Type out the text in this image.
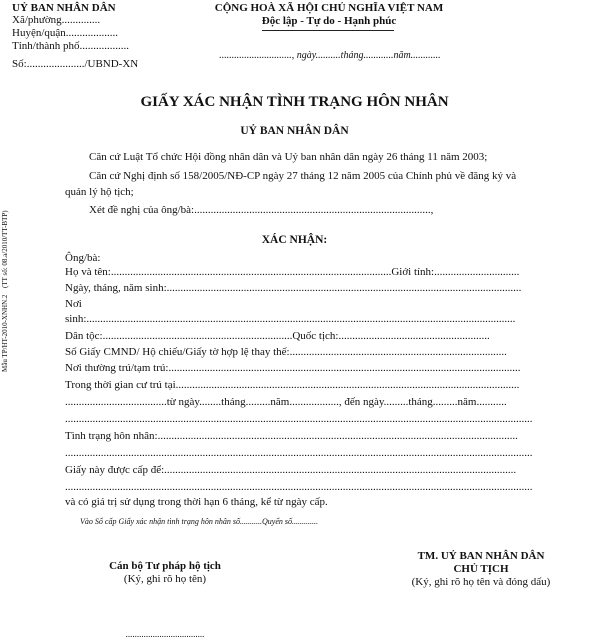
UỶ BAN NHÂN DÂN
Xã/phường..............
Huyện/quận...................
Tỉnh/thành phố..................
Số:...................../UBND-XN
CỘNG HOÀ XÃ HỘI CHỦ NGHĨA VIỆT NAM
Độc lập - Tự do - Hạnh phúc
............................., ngày..........tháng............năm............
(TT số: 08.a/2010/TT-BTP)
Mẫu TP/HT-2010-XNHN.2
GIẤY XÁC NHẬN TÌNH TRẠNG HÔN NHÂN
UỶ BAN NHÂN DÂN
Căn cứ Luật Tổ chức Hội đồng nhân dân và Uỷ ban nhân dân ngày 26 tháng 11 năm 2003;
Căn cứ Nghị định số 158/2005/NĐ-CP ngày 27 tháng 12 năm 2005 của Chính phủ về đăng ký và
quản lý hộ tịch;
Xét đề nghị của ông/bà:......................................................................................,
XÁC NHẬN:
Ông/bà:
Họ và tên:......................................................................................................Giới tính:...............................
Ngày, tháng, năm sinh:.................................................................................................................................
Nơi
sinh:............................................................................................................................................................
Dân tộc:.....................................................................Quốc tịch:.......................................................
Số Giấy CMND/ Hộ chiếu/Giấy tờ hợp lệ thay thế:...............................................................................
Nơi thường trú/tạm trú:................................................................................................................................
Trong thời gian cư trú tại.............................................................................................................................
.....................................từ ngày........tháng.........năm.................., đến ngày.........tháng.........năm...........
..........................................................................................................................................................................
Tình trạng hôn nhân:...................................................................................................................................
..........................................................................................................................................................................
Giấy này được cấp để:................................................................................................................................
..........................................................................................................................................................................
và có giá trị sử dụng trong thời hạn 6 tháng, kể từ ngày cấp.
Vào Sổ cấp Giấy xác nhận tình trạng hôn nhân số...........Quyển số.............
Cán bộ Tư pháp hộ tịch
(Ký, ghi rõ họ tên)
...................................
TM. UỶ BAN NHÂN DÂN
CHỦ TỊCH
(Ký, ghi rõ họ tên và đóng dấu)
